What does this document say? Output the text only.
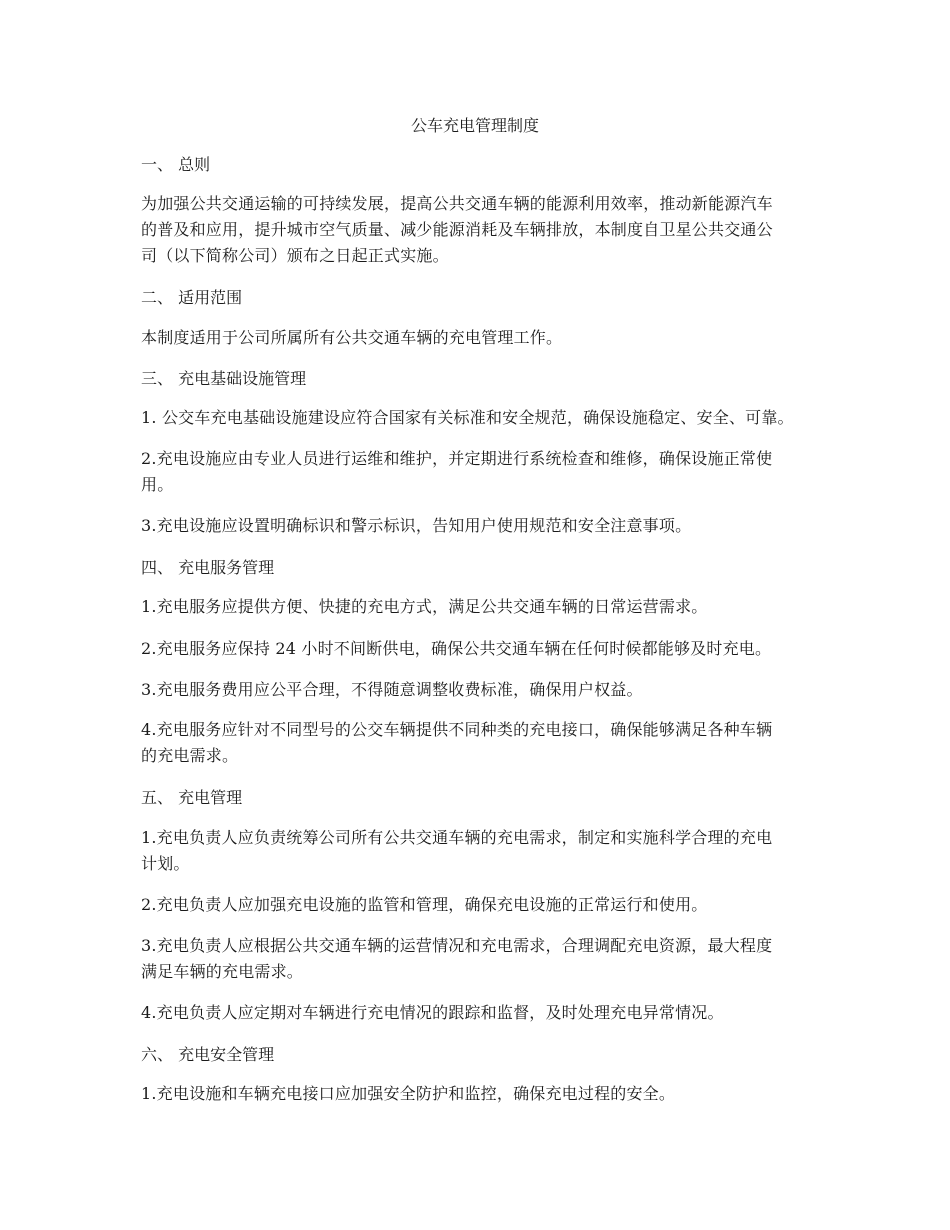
公车充电管理制度
一、 总则
为加强公共交通运输的可持续发展，提高公共交通车辆的能源利用效率，推动新能源汽车
的普及和应用，提升城市空气质量、减少能源消耗及车辆排放，本制度自卫星公共交通公
司（以下简称公司）颁布之日起正式实施。
二、 适用范围
本制度适用于公司所属所有公共交通车辆的充电管理工作。
三、 充电基础设施管理
1. 公交车充电基础设施建设应符合国家有关标准和安全规范，确保设施稳定、安全、可靠。
2.充电设施应由专业人员进行运维和维护，并定期进行系统检查和维修，确保设施正常使
用。
3.充电设施应设置明确标识和警示标识，告知用户使用规范和安全注意事项。
四、 充电服务管理
1.充电服务应提供方便、快捷的充电方式，满足公共交通车辆的日常运营需求。
2.充电服务应保持 24 小时不间断供电，确保公共交通车辆在任何时候都能够及时充电。
3.充电服务费用应公平合理，不得随意调整收费标准，确保用户权益。
4.充电服务应针对不同型号的公交车辆提供不同种类的充电接口，确保能够满足各种车辆
的充电需求。
五、 充电管理
1.充电负责人应负责统筹公司所有公共交通车辆的充电需求，制定和实施科学合理的充电
计划。
2.充电负责人应加强充电设施的监管和管理，确保充电设施的正常运行和使用。
3.充电负责人应根据公共交通车辆的运营情况和充电需求，合理调配充电资源，最大程度
满足车辆的充电需求。
4.充电负责人应定期对车辆进行充电情况的跟踪和监督，及时处理充电异常情况。
六、 充电安全管理
1.充电设施和车辆充电接口应加强安全防护和监控，确保充电过程的安全。
